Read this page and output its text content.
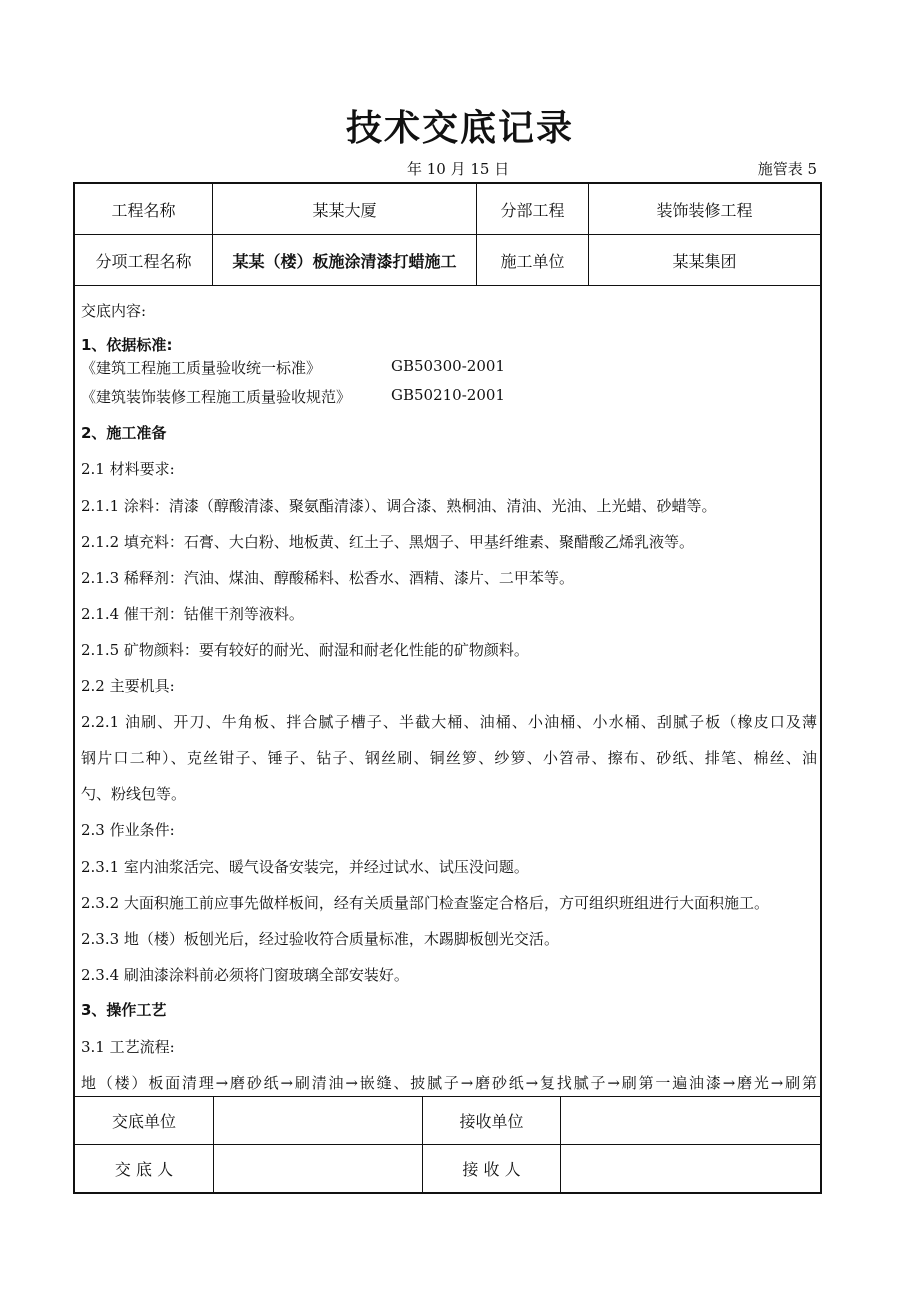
技术交底记录
年 10 月 15 日	施管表 5
工程名称	某某大厦	分部工程	装饰装修工程
分项工程名称	某某（楼）板施涂清漆打蜡施工	施工单位	某某集团
交底内容:
1、依据标准:
《建筑工程施工质量验收统一标准》	GB50300-2001
《建筑装饰装修工程施工质量验收规范》	GB50210-2001
2、施工准备
2.1 材料要求:
2.1.1 涂料：清漆（醇酸清漆、聚氨酯清漆）、调合漆、熟桐油、清油、光油、上光蜡、砂蜡等。
2.1.2 填充料：石膏、大白粉、地板黄、红土子、黑烟子、甲基纤维素、聚醋酸乙烯乳液等。
2.1.3 稀释剂：汽油、煤油、醇酸稀料、松香水、酒精、漆片、二甲苯等。
2.1.4 催干剂：钴催干剂等液料。
2.1.5 矿物颜料：要有较好的耐光、耐湿和耐老化性能的矿物颜料。
2.2 主要机具:
2.2.1 油刷、开刀、牛角板、拌合腻子槽子、半截大桶、油桶、小油桶、小水桶、刮腻子板（橡皮口及薄
钢片口二种）、克丝钳子、锤子、钻子、钢丝刷、铜丝箩、纱箩、小笤帚、擦布、砂纸、排笔、棉丝、油
勺、粉线包等。
2.3 作业条件:
2.3.1 室内油浆活完、暖气设备安装完，并经过试水、试压没问题。
2.3.2 大面积施工前应事先做样板间，经有关质量部门检查鉴定合格后，方可组织班组进行大面积施工。
2.3.3 地（楼）板刨光后，经过验收符合质量标准，木踢脚板刨光交活。
2.3.4 刷油漆涂料前必须将门窗玻璃全部安装好。
3、操作工艺
3.1 工艺流程:
地（楼）板面清理→磨砂纸→刷清油→嵌缝、披腻子→磨砂纸→复找腻子→刷第一遍油漆→磨光→刷第
交底单位	接收单位
交 底 人	接 收 人
